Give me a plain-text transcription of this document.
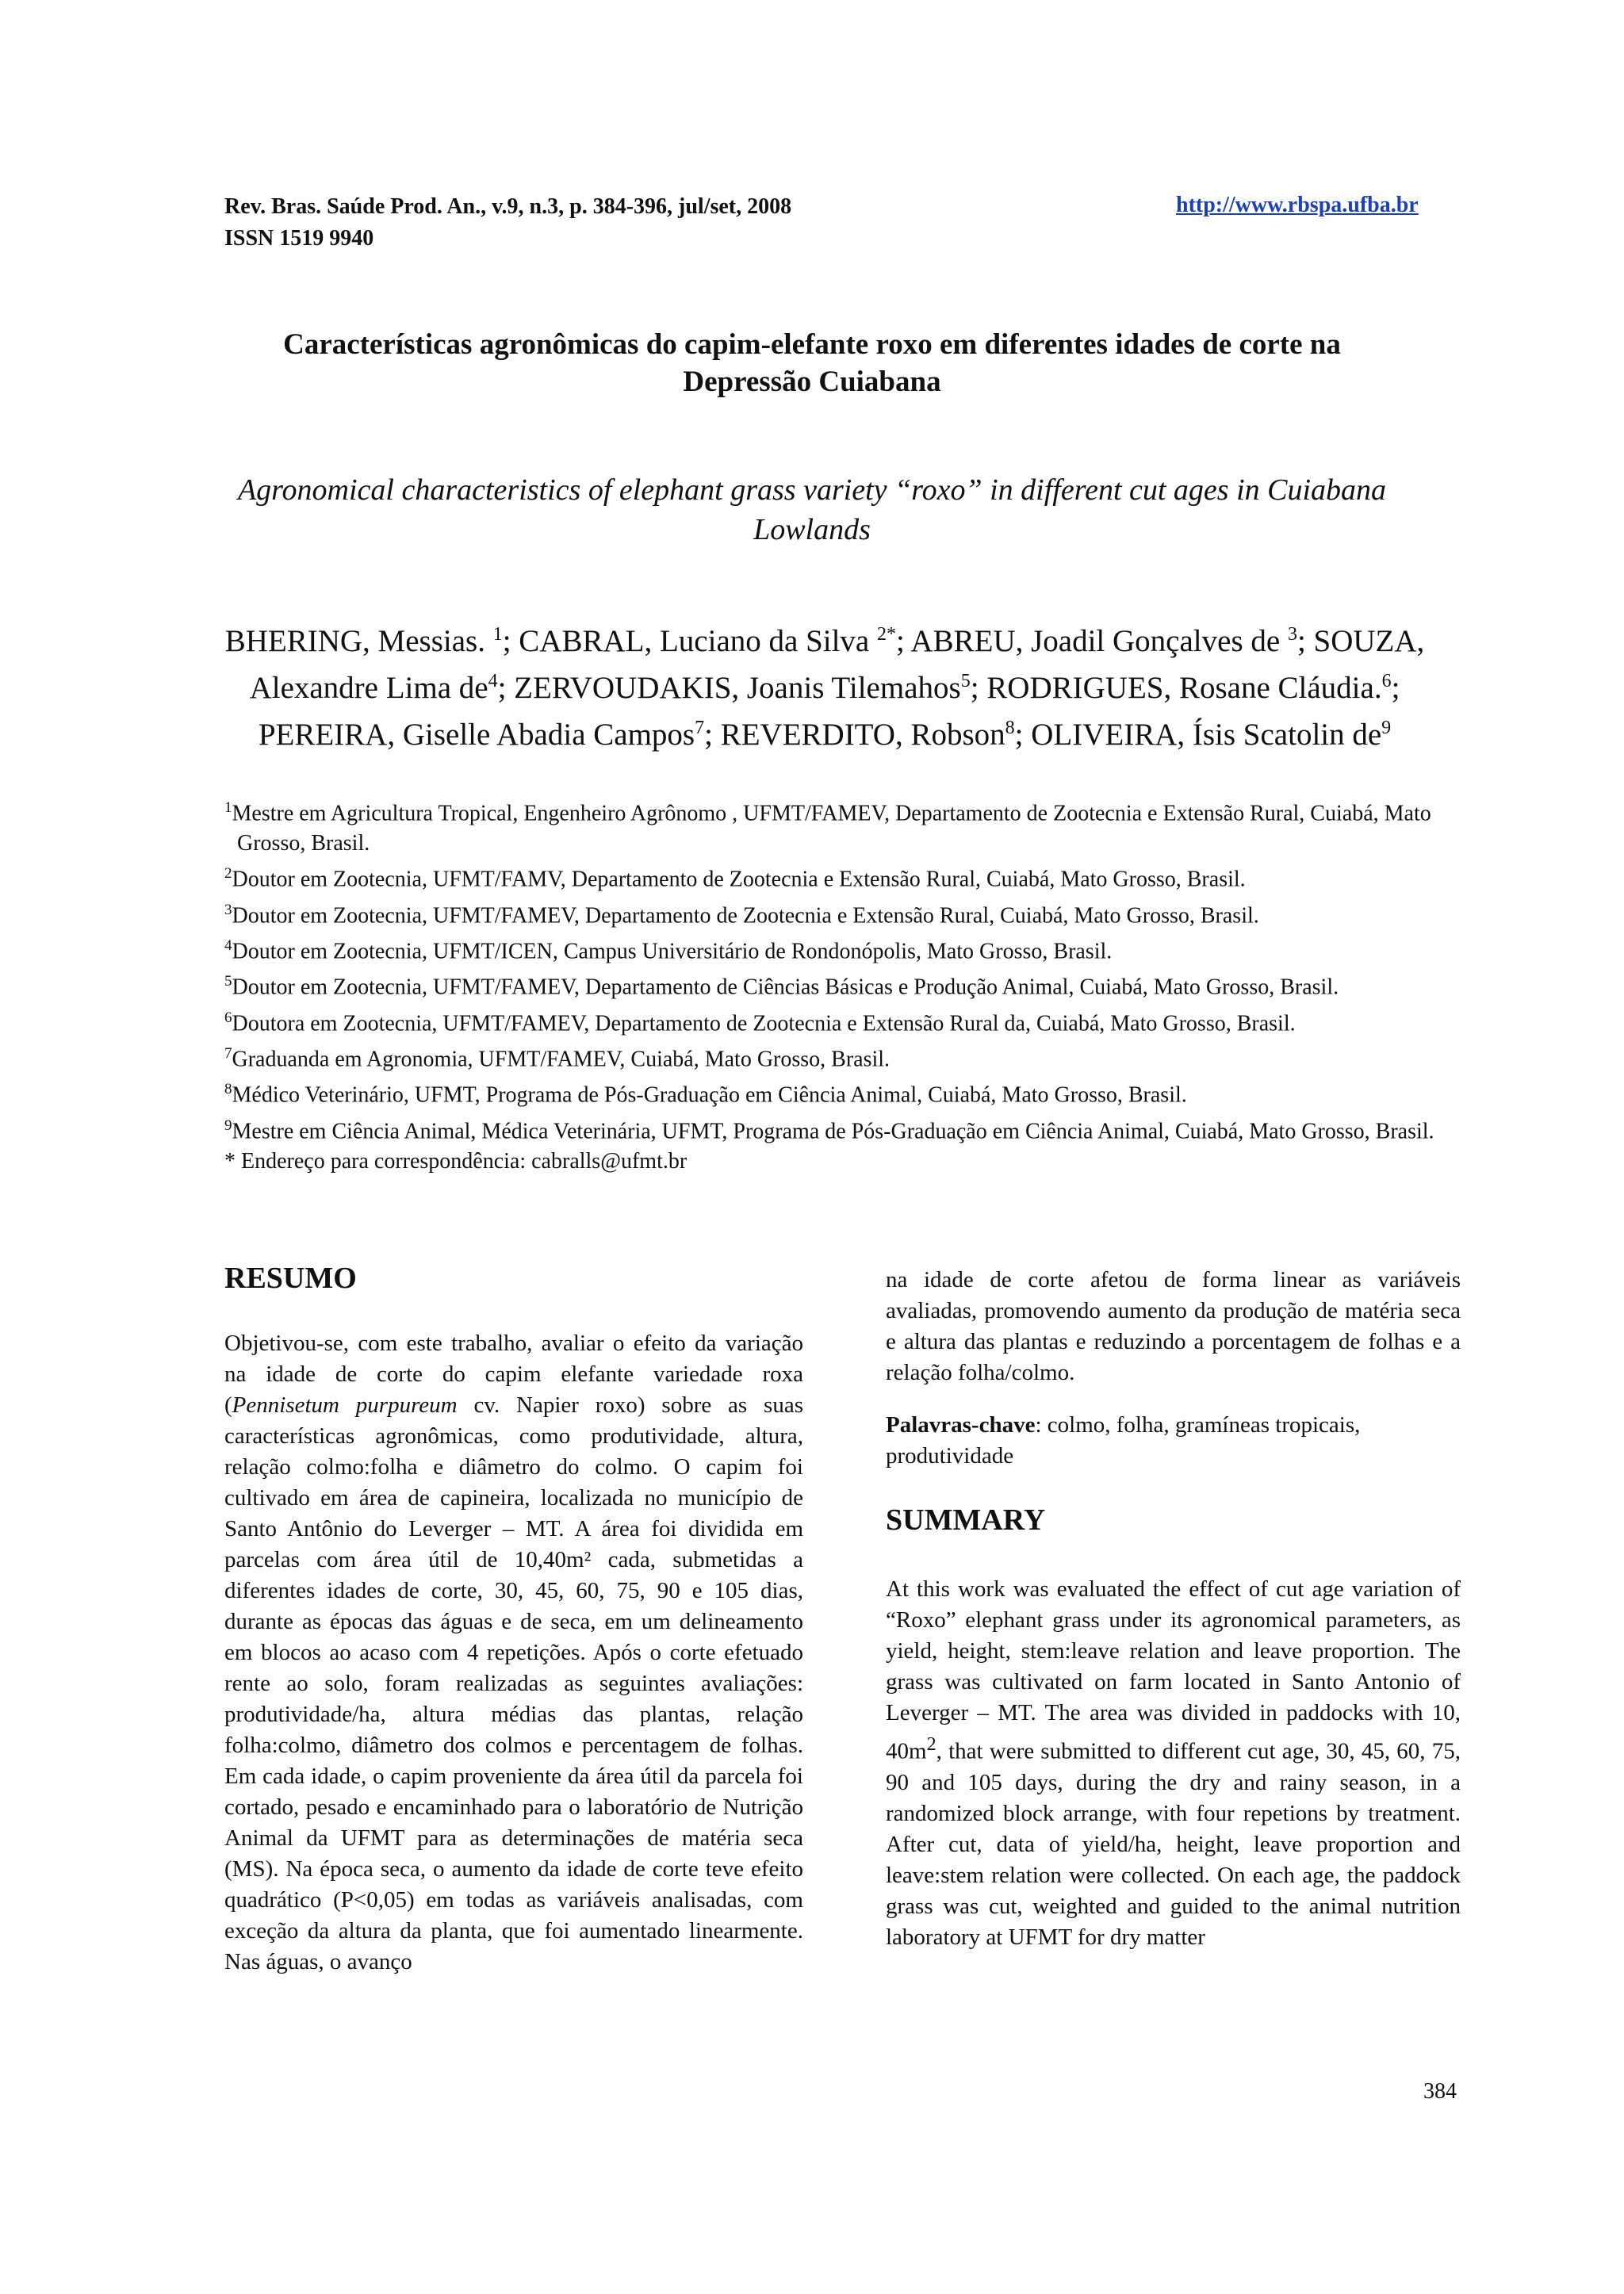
Rev. Bras. Saúde Prod. An., v.9, n.3, p. 384-396, jul/set, 2008
ISSN 1519 9940
http://www.rbspa.ufba.br
Características agronômicas do capim-elefante roxo em diferentes idades de corte na
Depressão Cuiabana
Agronomical characteristics of elephant grass variety “roxo” in different cut ages in Cuiabana
Lowlands
BHERING, Messias. $^1$; CABRAL, Luciano da Silva $^{2*}$; ABREU, Joadil Gonçalves de $^3$; SOUZA, Alexandre Lima $de^4$; ZERVOUDAKIS, Joanis Tilemahos$^5$; RODRIGUES, Rosane Cláudia.$^6$; PEREIRA, Giselle Abadia Campos$^7$; REVERDITO, Robson$^8$; OLIVEIRA, Ísis Scatolin $de^9$

$^1$Mestre em Agricultura Tropical, Engenheiro Agrônomo , UFMT/FAMEV, Departamento de Zootecnia e Extensão Rural, Cuiabá, Mato Grosso, Brasil.

$^2$Doutor em Zootecnia, UFMT/FAMV, Departamento de Zootecnia e Extensão Rural, Cuiabá, Mato Grosso, Brasil.

$^3$Doutor em Zootecnia, UFMT/FAMEV, Departamento de Zootecnia e Extensão Rural, Cuiabá, Mato Grosso, Brasil.

$^4$Doutor em Zootecnia, UFMT/ICEN, Campus Universitário de Rondonópolis, Mato Grosso, Brasil.

$^5$Doutor em Zootecnia, UFMT/FAMEV, Departamento de Ciências Básicas e Produção Animal, Cuiabá, Mato Grosso, Brasil.

$^6$Doutora em Zootecnia, UFMT/FAMEV, Departamento de Zootecnia e Extensão Rural da, Cuiabá, Mato Grosso, Brasil.

$^7$Graduanda em Agronomia, UFMT/FAMEV, Cuiabá, Mato Grosso, Brasil.

$^8$Médico Veterinário, UFMT, Programa de Pós-Graduação em Ciência Animal, Cuiabá, Mato Grosso, Brasil.

$^9$Mestre em Ciência Animal, Médica Veterinária, UFMT, Programa de Pós-Graduação em Ciência Animal, Cuiabá, Mato Grosso, Brasil.

* Endereço para correspondência: cabralls@ufmt.br

RESUMO

Objetivou-se, com este trabalho, avaliar o efeito da variação na idade de corte do capim elefante variedade roxa (Pennisetum purpureum cv. Napier roxo) sobre as suas características agronômicas, como produtividade, altura, relação colmo:folha e diâmetro do colmo. O capim foi cultivado em área de capineira, localizada no município de Santo Antônio do Leverger – MT. A área foi dividida em parcelas com área útil de 10,40m² cada, submetidas a diferentes idades de corte, 30, 45, 60, 75, 90 e 105 dias, durante as épocas das águas e de seca, em um delineamento em blocos ao acaso com 4 repetições. Após o corte efetuado rente ao solo, foram realizadas as seguintes avaliações: produtividade/ha, altura médias das plantas, relação folha:colmo, diâmetro dos colmos e percentagem de folhas. Em cada idade, o capim proveniente da área útil da parcela foi cortado, pesado e encaminhado para o laboratório de Nutrição Animal da UFMT para as determinações de matéria seca (MS). Na época seca, o aumento da idade de corte teve efeito quadrático (P<0,05) em todas as variáveis analisadas, com exceção da altura da planta, que foi aumentado linearmente. Nas águas, o avanço

na idade de corte afetou de forma linear as variáveis avaliadas, promovendo aumento da produção de matéria seca e altura das plantas e reduzindo a porcentagem de folhas e a relação folha/colmo.

Palavras-chave: colmo, folha, gramíneas tropicais, produtividade
SUMMARY

At this work was evaluated the effect of cut age variation of “Roxo” elephant grass under its agronomical parameters, as yield, height, stem:leave relation and leave proportion. The grass was cultivated on farm located in Santo Antonio of Leverger – MT. The area was divided in paddocks with 10, $40m^2$, that were submitted to different cut age, 30, 45, 60, 75, 90 and 105 days, during the dry and rainy season, in a randomized block arrange, with four repetions by treatment. After cut, data of yield/ha, height, leave proportion and leave:stem relation were collected. On each age, the paddock grass was cut, weighted and guided to the animal nutrition laboratory at UFMT for dry matter

384
